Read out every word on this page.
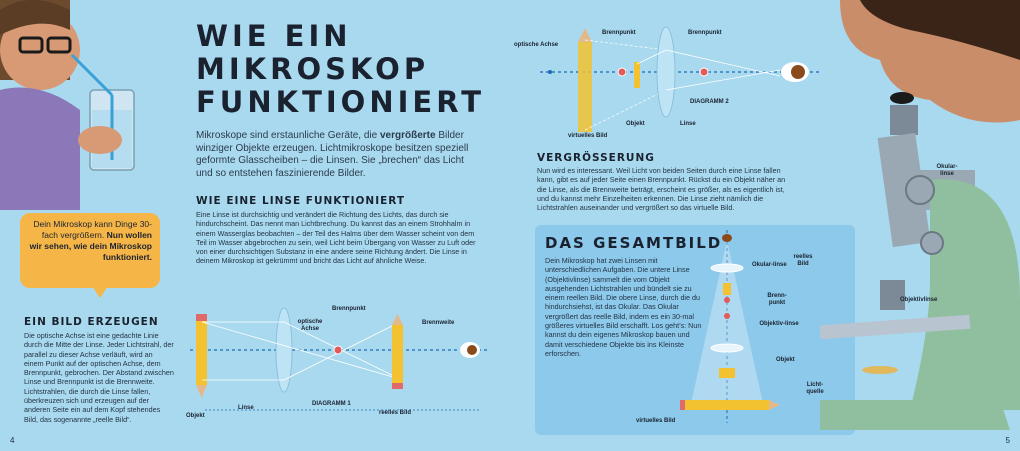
WIE EIN
MIKROSKOP
FUNKTIONIERT
Mikroskope sind erstaunliche Geräte, die vergrößerte Bilder winziger Objekte erzeugen. Lichtmikroskope besitzen speziell geformte Glasscheiben – die Linsen. Sie „brechen“ das Licht und so entstehen faszinierende Bilder.
WIE EINE LINSE FUNKTIONIERT
Eine Linse ist durchsichtig und verändert die Richtung des Lichts, das durch sie hindurchscheint. Das nennt man Lichtbrechung. Du kannst das an einem Strohhalm in einem Wasserglas beobachten – der Teil des Halms über dem Wasser scheint von dem Teil im Wasser abgebrochen zu sein, weil Licht beim Übergang von Wasser zu Luft oder von einer durchsichtigen Substanz in eine andere seine Richtung ändert. Die Linse in deinem Mikroskop ist gekrümmt und bricht das Licht auf ähnliche Weise.
Dein Mikroskop kann Dinge 30-fach vergrößern. Nun wollen wir sehen, wie dein Mikroskop funktioniert.
EIN BILD ERZEUGEN
Die optische Achse ist eine gedachte Linie durch die Mitte der Linse. Jeder Lichtstrahl, der parallel zu dieser Achse verläuft, wird an einem Punkt auf der optischen Achse, dem Brennpunkt, gebrochen. Der Abstand zwischen Linse und Brennpunkt ist die Brennweite. Lichtstrahlen, die durch die Linse fallen, überkreuzen sich und erzeugen auf der anderen Seite ein auf dem Kopf stehendes Bild, das sogenannte „reelle Bild“.	Objekt
Linse
optische Achse
Brennpunkt
Brennweite
DIAGRAMM 1
reelles Bild
4	5
optische Achse
Brennpunkt	Brennpunkt
Objekt	Linse
virtuelles Bild
DIAGRAMM 2
VERGRÖSSERUNG
Nun wird es interessant. Weil Licht von beiden Seiten durch eine Linse fallen kann, gibt es auf jeder Seite einen Brennpunkt. Rückst du ein Objekt näher an die Linse, als die Brennweite beträgt, erscheint es größer, als es eigentlich ist, und du kannst mehr Einzelheiten erkennen. Die Linse zieht nämlich die Lichtstrahlen auseinander und vergrößert so das virtuelle Bild.
DAS GESAMTBILD
Dein Mikroskop hat zwei Linsen mit unterschiedlichen Aufgaben. Die untere Linse (Objektivlinse) sammelt die vom Objekt ausgehenden Lichtstrahlen und bündelt sie zu einem reellen Bild. Die obere Linse, durch die du hindurchsiehst, ist das Okular. Das Okular vergrößert das reelle Bild, indem es ein 30-mal größeres virtuelles Bild erschafft. Los geht’s: Nun kannst du dein eigenes Mikroskop bauen und damit verschiedene Objekte bis ins Kleinste erforschen.
Okular-linse
reelles Bild
Brenn-punkt
Objektiv-linse
Objekt
Licht-quelle
virtuelles Bild
Okular-linse
Objektivlinse
